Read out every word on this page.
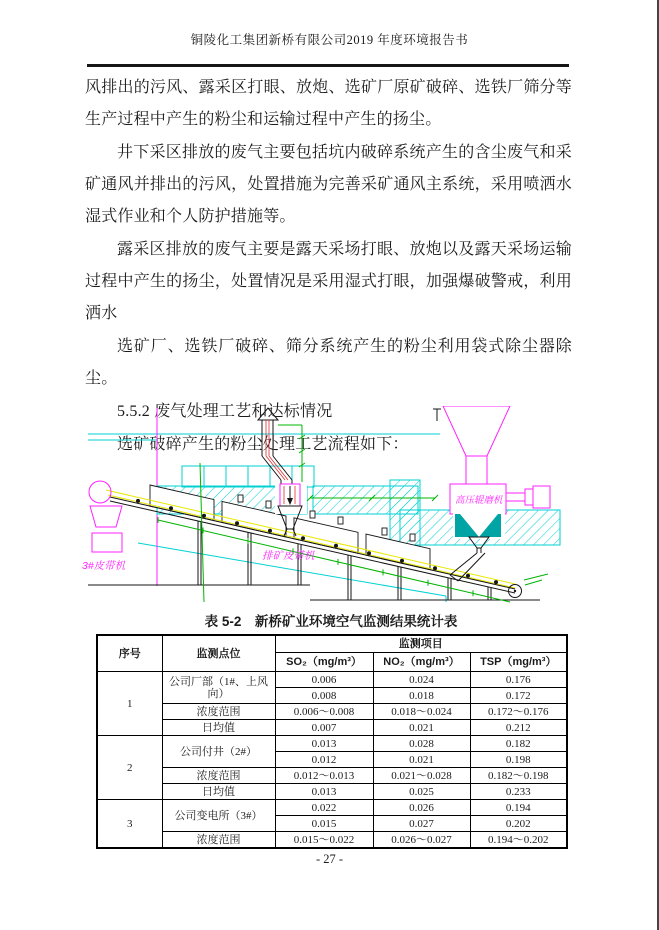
铜陵化工集团新桥有限公司2019 年度环境报告书

风排出的污风、露采区打眼、放炮、选矿厂原矿破碎、选铁厂筛分等生产过程中产生的粉尘和运输过程中产生的扬尘。

井下采区排放的废气主要包括坑内破碎系统产生的含尘废气和采矿通风并排出的污风，处置措施为完善采矿通风主系统，采用喷洒水湿式作业和个人防护措施等。

露采区排放的废气主要是露天采场打眼、放炮以及露天采场运输过程中产生的扬尘，处置情况是采用湿式打眼，加强爆破警戒，利用洒水

选矿厂、选铁厂破碎、筛分系统产生的粉尘利用袋式除尘器除尘。

5.5.2 废气处理工艺和达标情况

选矿破碎产生的粉尘处理工艺流程如下：

高压辊磨机
3#皮带机
排矿皮带机
表 5-2　新桥矿业环境空气监测结果统计表
序号	监测点位	监测项目		
		SO₂（mg/m³）	NO₂（mg/m³）	TSP（mg/m³）
1	公司厂部（1#、上风向）	0.006	0.024	0.176
		0.008	0.018	0.172
	浓度范围	0.006～0.008	0.018～0.024	0.172～0.176
	日均值	0.007	0.021	0.212
2	公司付井（2#）	0.013	0.028	0.182
		0.012	0.021	0.198
	浓度范围	0.012～0.013	0.021～0.028	0.182～0.198
	日均值	0.013	0.025	0.233
3	公司变电所（3#）	0.022	0.026	0.194
		0.015	0.027	0.202
	浓度范围	0.015～0.022	0.026～0.027	0.194～0.202
- 27 -
